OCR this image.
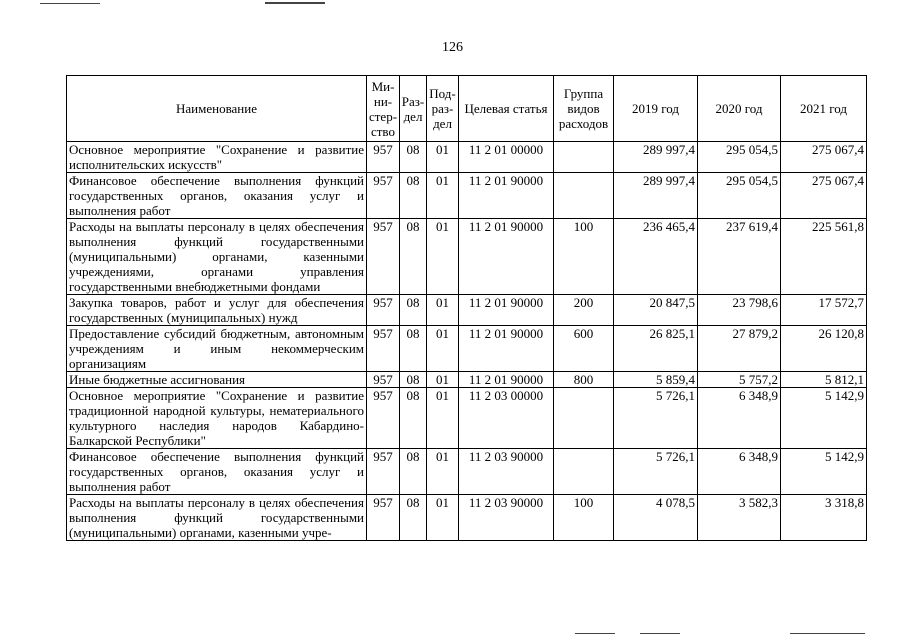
126
Наименование	Ми-ни-стер-ство	Раз-дел	Под-раз-дел	Целевая статья	Группа видов расходов	2019 год	2020 год	2021 год
Основное мероприятие "Сохранение и развитие исполнительских искусств"	957	08	01	11 2 01 00000		289 997,4	295 054,5	275 067,4
Финансовое обеспечение выполнения функций государственных органов, оказания услуг и выполнения работ	957	08	01	11 2 01 90000		289 997,4	295 054,5	275 067,4
Расходы на выплаты персоналу в целях обеспечения выполнения функций государственными (муниципальными) органами, казенными учреждениями, органами управления государственными внебюджетными фондами	957	08	01	11 2 01 90000	100	236 465,4	237 619,4	225 561,8
Закупка товаров, работ и услуг для обеспечения государственных (муниципальных) нужд	957	08	01	11 2 01 90000	200	20 847,5	23 798,6	17 572,7
Предоставление субсидий бюджетным, автономным учреждениям и иным некоммерческим организациям	957	08	01	11 2 01 90000	600	26 825,1	27 879,2	26 120,8
Иные бюджетные ассигнования	957	08	01	11 2 01 90000	800	5 859,4	5 757,2	5 812,1
Основное мероприятие "Сохранение и развитие традиционной народной культуры, нематериального культурного наследия народов Кабардино-Балкарской Республики"	957	08	01	11 2 03 00000		5 726,1	6 348,9	5 142,9
Финансовое обеспечение выполнения функций государственных органов, оказания услуг и выполнения работ	957	08	01	11 2 03 90000		5 726,1	6 348,9	5 142,9
Расходы на выплаты персоналу в целях обеспечения выполнения функций государственными (муниципальными) органами, казенными учре-	957	08	01	11 2 03 90000	100	4 078,5	3 582,3	3 318,8
